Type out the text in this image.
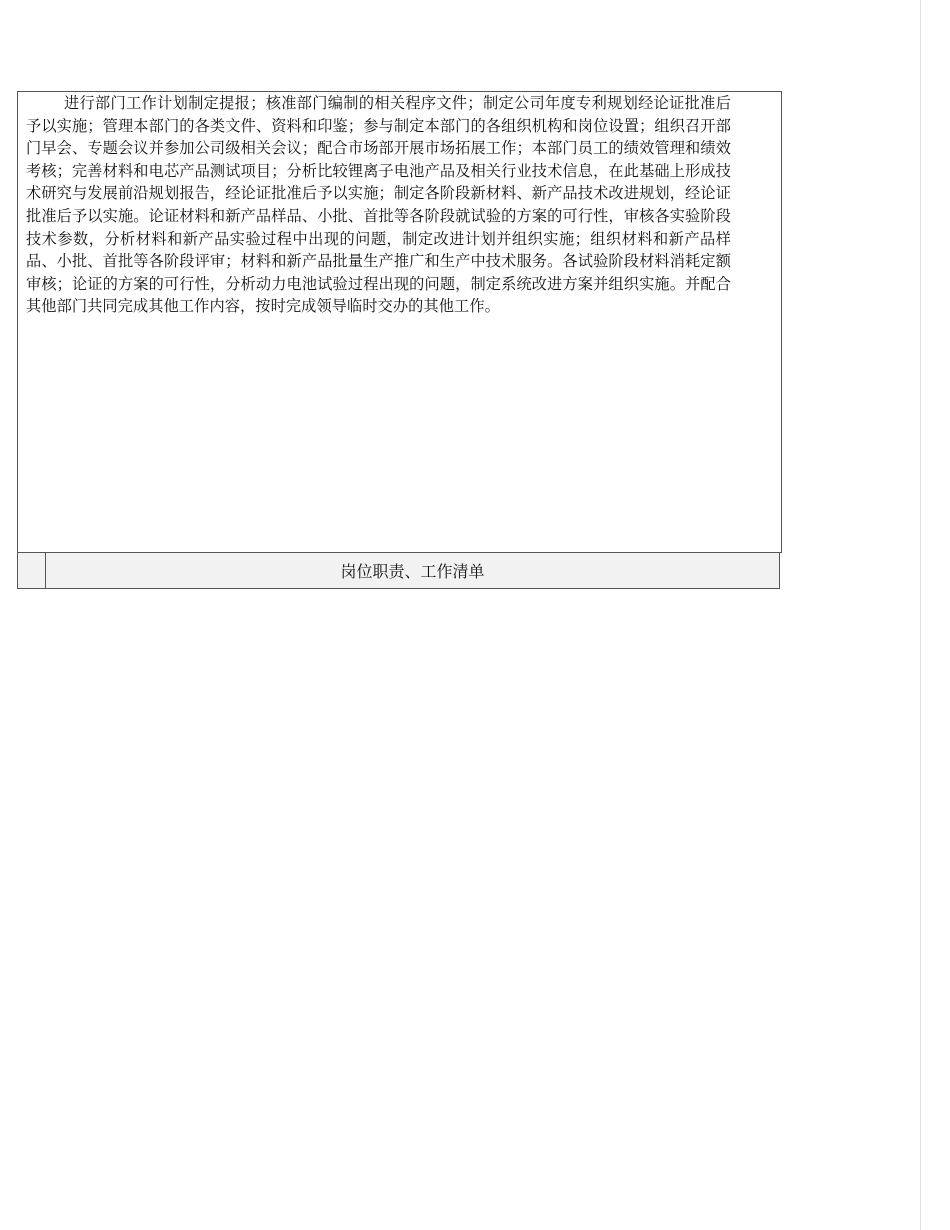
进行部门工作计划制定提报；核准部门编制的相关程序文件；制定公司年度专利规划经论证批准后予以实施；管理本部门的各类文件、资料和印鉴；参与制定本部门的各组织机构和岗位设置；组织召开部门早会、专题会议并参加公司级相关会议；配合市场部开展市场拓展工作；本部门员工的绩效管理和绩效考核；完善材料和电芯产品测试项目；分析比较锂离子电池产品及相关行业技术信息，在此基础上形成技术研究与发展前沿规划报告，经论证批准后予以实施；制定各阶段新材料、新产品技术改进规划，经论证批准后予以实施。论证材料和新产品样品、小批、首批等各阶段就试验的方案的可行性，审核各实验阶段技术参数，分析材料和新产品实验过程中出现的问题，制定改进计划并组织实施；组织材料和新产品样品、小批、首批等各阶段评审；材料和新产品批量生产推广和生产中技术服务。各试验阶段材料消耗定额审核；论证的方案的可行性，分析动力电池试验过程出现的问题，制定系统改进方案并组织实施。并配合其他部门共同完成其他工作内容，按时完成领导临时交办的其他工作。

岗位职责、工作清单
